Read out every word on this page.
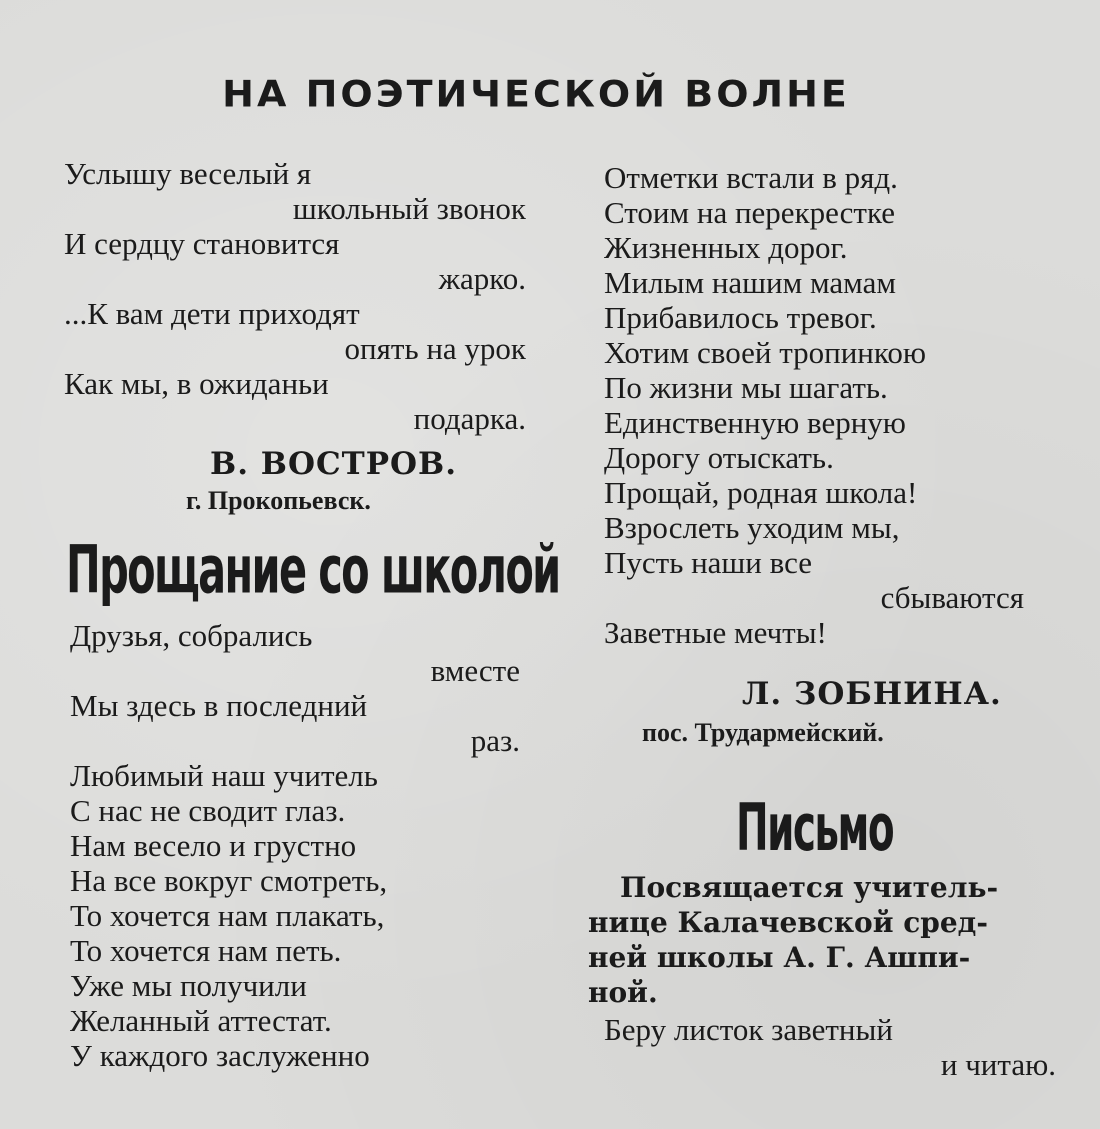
НА ПОЭТИЧЕСКОЙ ВОЛНЕ
Услышу веселый я
школьный звонок
И сердцу становится
жарко.
...К вам дети приходят
опять на урок
Как мы, в ожиданьи
подарка.
В. ВОСТРОВ.
г. Прокопьевск.
Прощание со школой
Друзья, собрались
вместе
Мы здесь в последний
раз.
Любимый наш учитель
С нас не сводит глаз.
Нам весело и грустно
На все вокруг смотреть,
То хочется нам плакать,
То хочется нам петь.
Уже мы получили
Желанный аттестат.
У каждого заслуженно
Отметки встали в ряд.
Стоим на перекрестке
Жизненных дорог.
Милым нашим мамам
Прибавилось тревог.
Хотим своей тропинкою
По жизни мы шагать.
Единственную верную
Дорогу отыскать.
Прощай, родная школа!
Взрослеть уходим мы,
Пусть наши все
сбываются
Заветные мечты!
Л. ЗОБНИНА.
пос. Трудармейский.
Письмо
Посвящается учитель-
нице Калачевской сред-
ней школы А. Г. Ашпи-
ной.
Беру листок заветный
и читаю.
